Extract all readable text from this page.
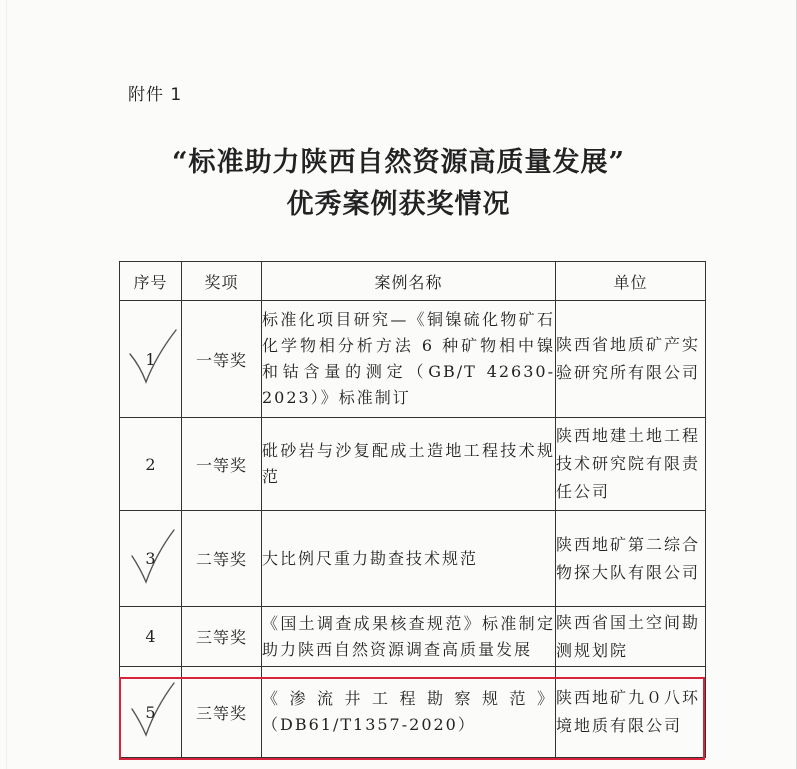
附件 1
“标准助力陕西自然资源高质量发展”
优秀案例获奖情况
序号	奖项	案例名称	单位

1	一等奖	标准化项目研究—《铜镍硫化物矿石化学物相分析方法 6 种矿物相中镍和钴含量的测定（GB/T 42630-2023）》标准制订	陕西省地质矿产实验研究所有限公司
2	一等奖	砒砂岩与沙复配成土造地工程技术规范	陕西地建土地工程技术研究院有限责任公司

3	二等奖	大比例尺重力勘查技术规范	陕西地矿第二综合物探大队有限公司
4	三等奖	《国土调查成果核查规范》标准制定助力陕西自然资源调查高质量发展	陕西省国土空间勘测规划院

5	三等奖	《渗流井工程勘察规范》（DB61/T1357-2020）	陕西地矿九０八环境地质有限公司
